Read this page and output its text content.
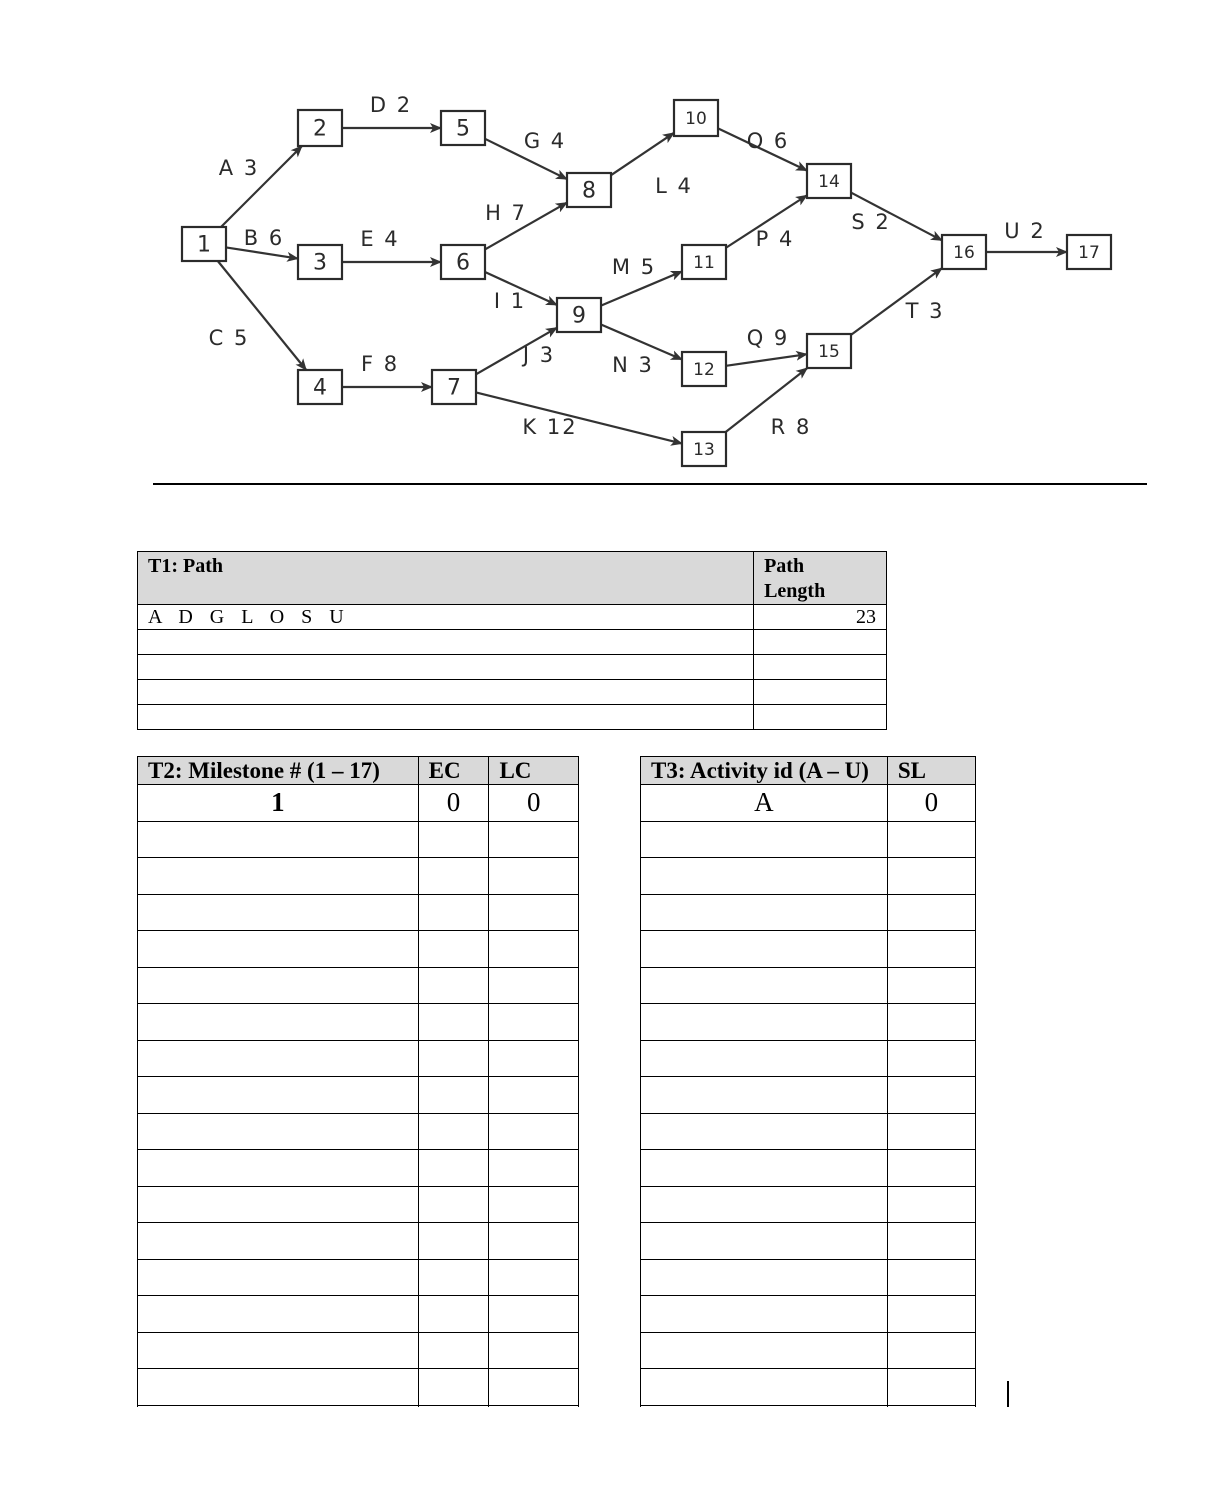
A 3
B 6
C 5
D 2
E 4
F 8
G 4
H 7
I 1
J 3
K 12
L 4
M 5
N 3
O 6
P 4
Q 9
R 8
S 2
T 3
U 2
1
2
3
4
5
6
7
8
9
10
11
12
13
14
15
16	17
T1: Path	Path
Length
A D G L O S U	23

T2: Milestone # (1 – 17)	EC	LC
1	0	0

T3: Activity id (A – U)	SL
A	0
